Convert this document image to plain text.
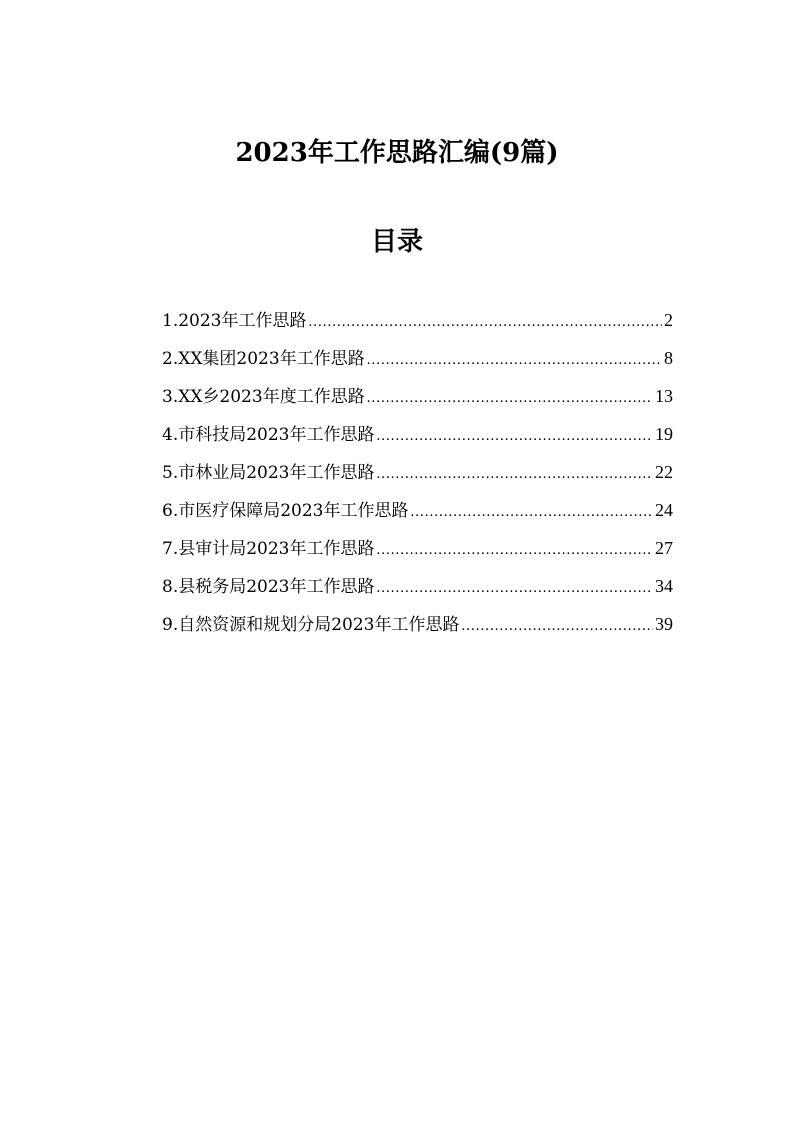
2023年工作思路汇编(9篇)
目录
1.2023年工作思路 .....	2
2.XX集团2023年工作思路 .....	8
3.XX乡2023年度工作思路 .....	13
4.市科技局2023年工作思路 .....	19
5.市林业局2023年工作思路 .....	22
6.市医疗保障局2023年工作思路 .....	24
7.县审计局2023年工作思路 .....	27
8.县税务局2023年工作思路 .....	34
9.自然资源和规划分局2023年工作思路 .....	39
